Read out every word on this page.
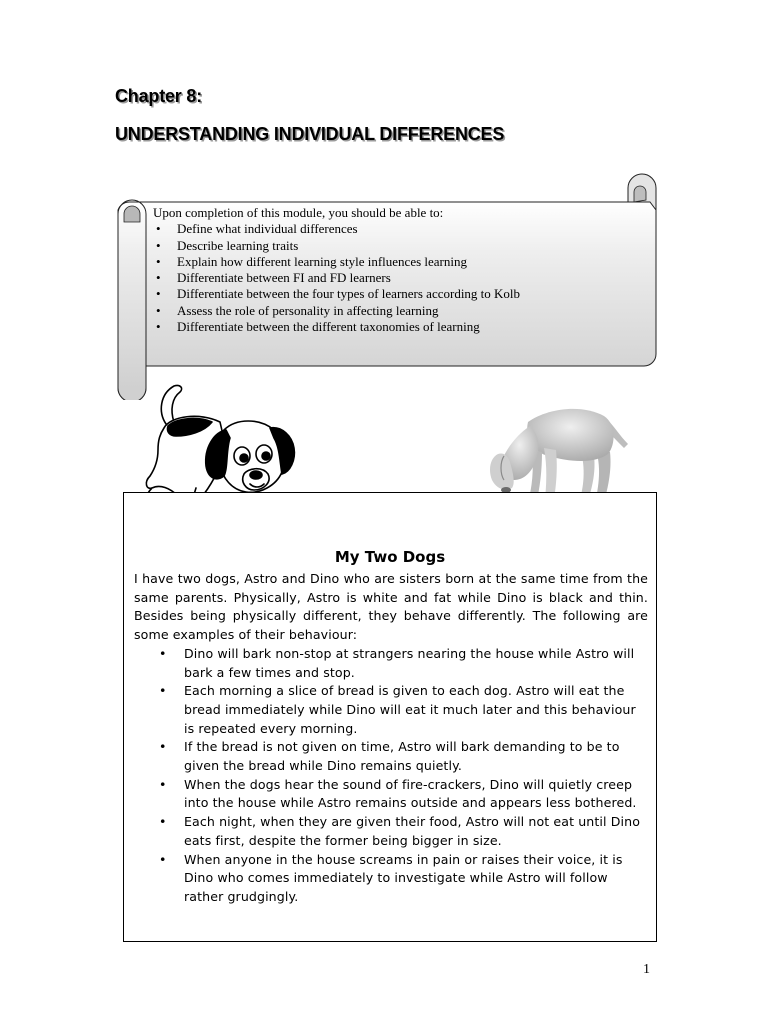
Chapter 8:
UNDERSTANDING INDIVIDUAL DIFFERENCES

Upon completion of this module, you should be able to:

• Define what individual differences
• Describe learning traits
• Explain how different learning style influences learning
• Differentiate between FI and FD learners
• Differentiate between the four types of learners according to Kolb
• Assess the role of personality in affecting learning
• Differentiate between the different taxonomies of learning
My Two Dogs

I have two dogs, Astro and Dino who are sisters born at the same time from the same parents. Physically, Astro is white and fat while Dino is black and thin. Besides being physically different, they behave differently. The following are some examples of their behaviour:

• Dino will bark non-stop at strangers nearing the house while Astro will bark a few times and stop.
• Each morning a slice of bread is given to each dog. Astro will eat the bread immediately while Dino will eat it much later and this behaviour is repeated every morning.
• If the bread is not given on time, Astro will bark demanding to be to given the bread while Dino remains quietly.
• When the dogs hear the sound of fire-crackers, Dino will quietly creep into the house while Astro remains outside and appears less bothered.
• Each night, when they are given their food, Astro will not eat until Dino eats first, despite the former being bigger in size.
• When anyone in the house screams in pain or raises their voice, it is Dino who comes immediately to investigate while Astro will follow rather grudgingly.
1
